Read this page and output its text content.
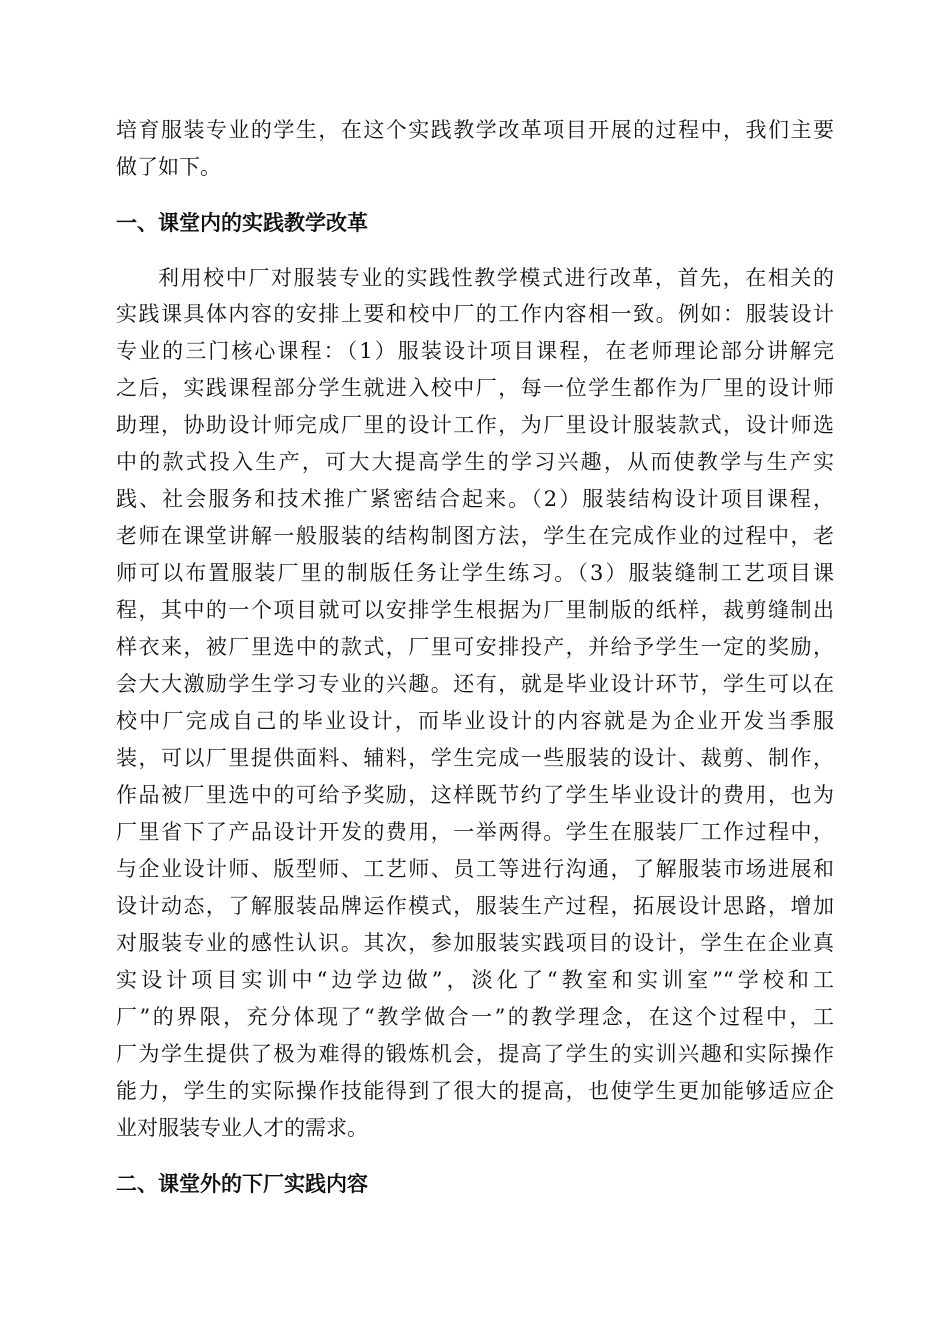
培育服装专业的学生，在这个实践教学改革项目开展的过程中，我们主要
做了如下。
一、课堂内的实践教学改革
利用校中厂对服装专业的实践性教学模式进行改革，首先，在相关的
实践课具体内容的安排上要和校中厂的工作内容相一致。例如：服装设计
专业的三门核心课程：（1）服装设计项目课程，在老师理论部分讲解完
之后，实践课程部分学生就进入校中厂，每一位学生都作为厂里的设计师
助理，协助设计师完成厂里的设计工作，为厂里设计服装款式，设计师选
中的款式投入生产，可大大提高学生的学习兴趣，从而使教学与生产实
践、社会服务和技术推广紧密结合起来。（2）服装结构设计项目课程，
老师在课堂讲解一般服装的结构制图方法，学生在完成作业的过程中，老
师可以布置服装厂里的制版任务让学生练习。（3）服装缝制工艺项目课
程，其中的一个项目就可以安排学生根据为厂里制版的纸样，裁剪缝制出
样衣来，被厂里选中的款式，厂里可安排投产，并给予学生一定的奖励，
会大大激励学生学习专业的兴趣。还有，就是毕业设计环节，学生可以在
校中厂完成自己的毕业设计，而毕业设计的内容就是为企业开发当季服
装，可以厂里提供面料、辅料，学生完成一些服装的设计、裁剪、制作，
作品被厂里选中的可给予奖励，这样既节约了学生毕业设计的费用，也为
厂里省下了产品设计开发的费用，一举两得。学生在服装厂工作过程中，
与企业设计师、版型师、工艺师、员工等进行沟通，了解服装市场进展和
设计动态，了解服装品牌运作模式，服装生产过程，拓展设计思路，增加
对服装专业的感性认识。其次，参加服装实践项目的设计，学生在企业真
实设计项目实训中“边学边做”，淡化了“教室和实训室”“学校和工
厂”的界限，充分体现了“教学做合一”的教学理念，在这个过程中，工
厂为学生提供了极为难得的锻炼机会，提高了学生的实训兴趣和实际操作
能力，学生的实际操作技能得到了很大的提高，也使学生更加能够适应企
业对服装专业人才的需求。
二、课堂外的下厂实践内容
